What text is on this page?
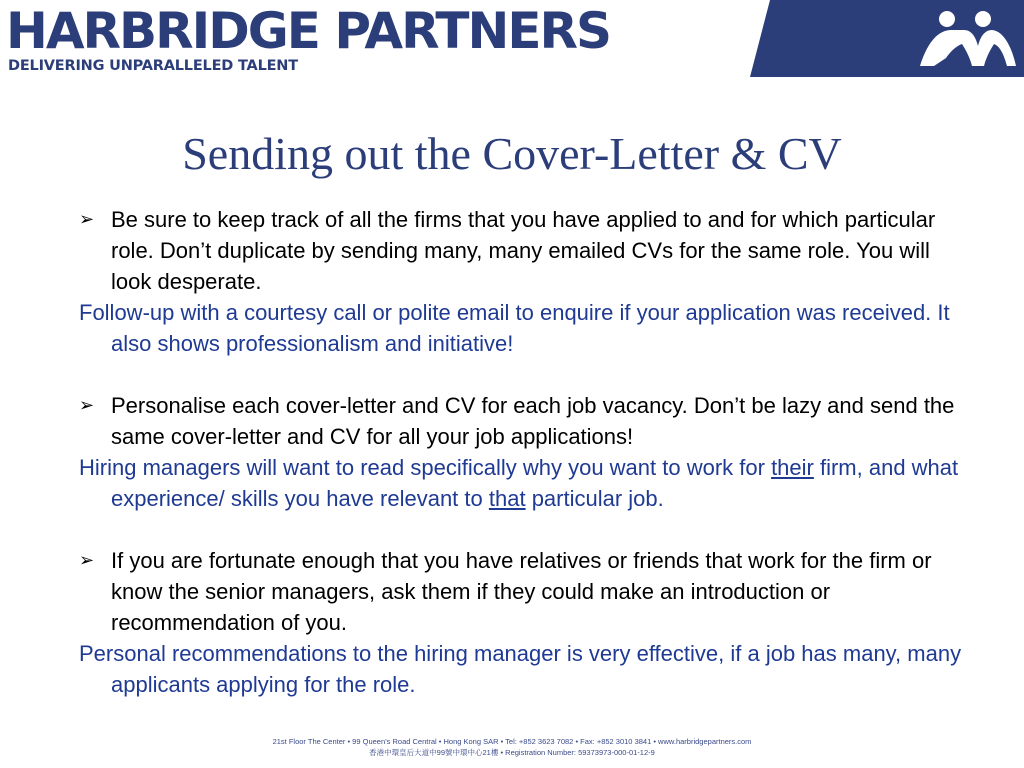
HARBRIDGE PARTNERS
DELIVERING UNPARALLELED TALENT
Sending out the Cover-Letter & CV

➢ Be sure to keep track of all the firms that you have applied to and for which particular role. Don’t duplicate by sending many, many emailed CVs for the same role. You will look desperate.

Follow-up with a courtesy call or polite email to enquire if your application was received. It also shows professionalism and initiative!

➢ Personalise each cover-letter and CV for each job vacancy. Don’t be lazy and send the same cover-letter and CV for all your job applications!

Hiring managers will want to read specifically why you want to work for their firm, and what experience/ skills you have relevant to that particular job.

➢ If you are fortunate enough that you have relatives or friends that work for the firm or know the senior managers, ask them if they could make an introduction or recommendation of you.

Personal recommendations to the hiring manager is very effective, if a job has many, many applicants applying for the role.

21st Floor The Center • 99 Queen’s Road Central • Hong Kong SAR • Tel: +852 3623 7082 • Fax: +852 3010 3841 • www.harbridgepartners.com
香港中環皇后大道中99號中環中心21樓 • Registration Number: 59373973-000-01-12-9
